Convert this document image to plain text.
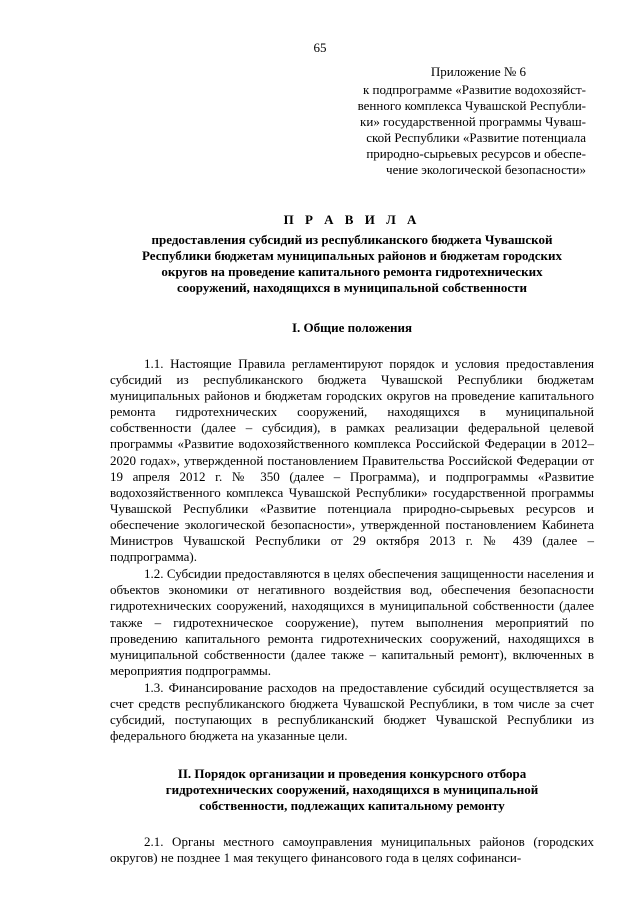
65

Приложение № 6

к подпрограмме «Развитие водохозяйст-
венного комплекса Чувашской Республи-
ки» государственной программы Чуваш-
ской Республики «Развитие потенциала
природно-сырьевых ресурсов и обеспе-
чение экологической безопасности»

П Р А В И Л А

предоставления субсидий из республиканского бюджета Чувашской
Республики бюджетам муниципальных районов и бюджетам городских
округов на проведение капитального ремонта гидротехнических
сооружений, находящихся в муниципальной собственности

I. Общие положения

1.1. Настоящие Правила регламентируют порядок и условия предоставления субсидий из республиканского бюджета Чувашской Республики бюджетам муниципальных районов и бюджетам городских округов на проведение капитального ремонта гидротехнических сооружений, находящихся в муниципальной собственности (далее – субсидия), в рамках реализации федеральной целевой программы «Развитие водохозяйственного комплекса Российской Федерации в 2012–2020 годах», утвержденной постановлением Правительства Российской Федерации от 19 апреля 2012 г. № 350 (далее – Программа), и подпрограммы «Развитие водохозяйственного комплекса Чувашской Республики» государственной программы Чувашской Республики «Развитие потенциала природно-сырьевых ресурсов и обеспечение экологической безопасности», утвержденной постановлением Кабинета Министров Чувашской Республики от 29 октября 2013 г. № 439 (далее – подпрограмма).

1.2. Субсидии предоставляются в целях обеспечения защищенности населения и объектов экономики от негативного воздействия вод, обеспечения безопасности гидротехнических сооружений, находящихся в муниципальной собственности (далее также – гидротехническое сооружение), путем выполнения мероприятий по проведению капитального ремонта гидротехнических сооружений, находящихся в муниципальной собственности (далее также – капитальный ремонт), включенных в мероприятия подпрограммы.

1.3. Финансирование расходов на предоставление субсидий осуществляется за счет средств республиканского бюджета Чувашской Республики, в том числе за счет субсидий, поступающих в республиканский бюджет Чувашской Республики из федерального бюджета на указанные цели.

II. Порядок организации и проведения конкурсного отбора
гидротехнических сооружений, находящихся в муниципальной
собственности, подлежащих капитальному ремонту

2.1. Органы местного самоуправления муниципальных районов (городских округов) не позднее 1 мая текущего финансового года в целях софинанси-
